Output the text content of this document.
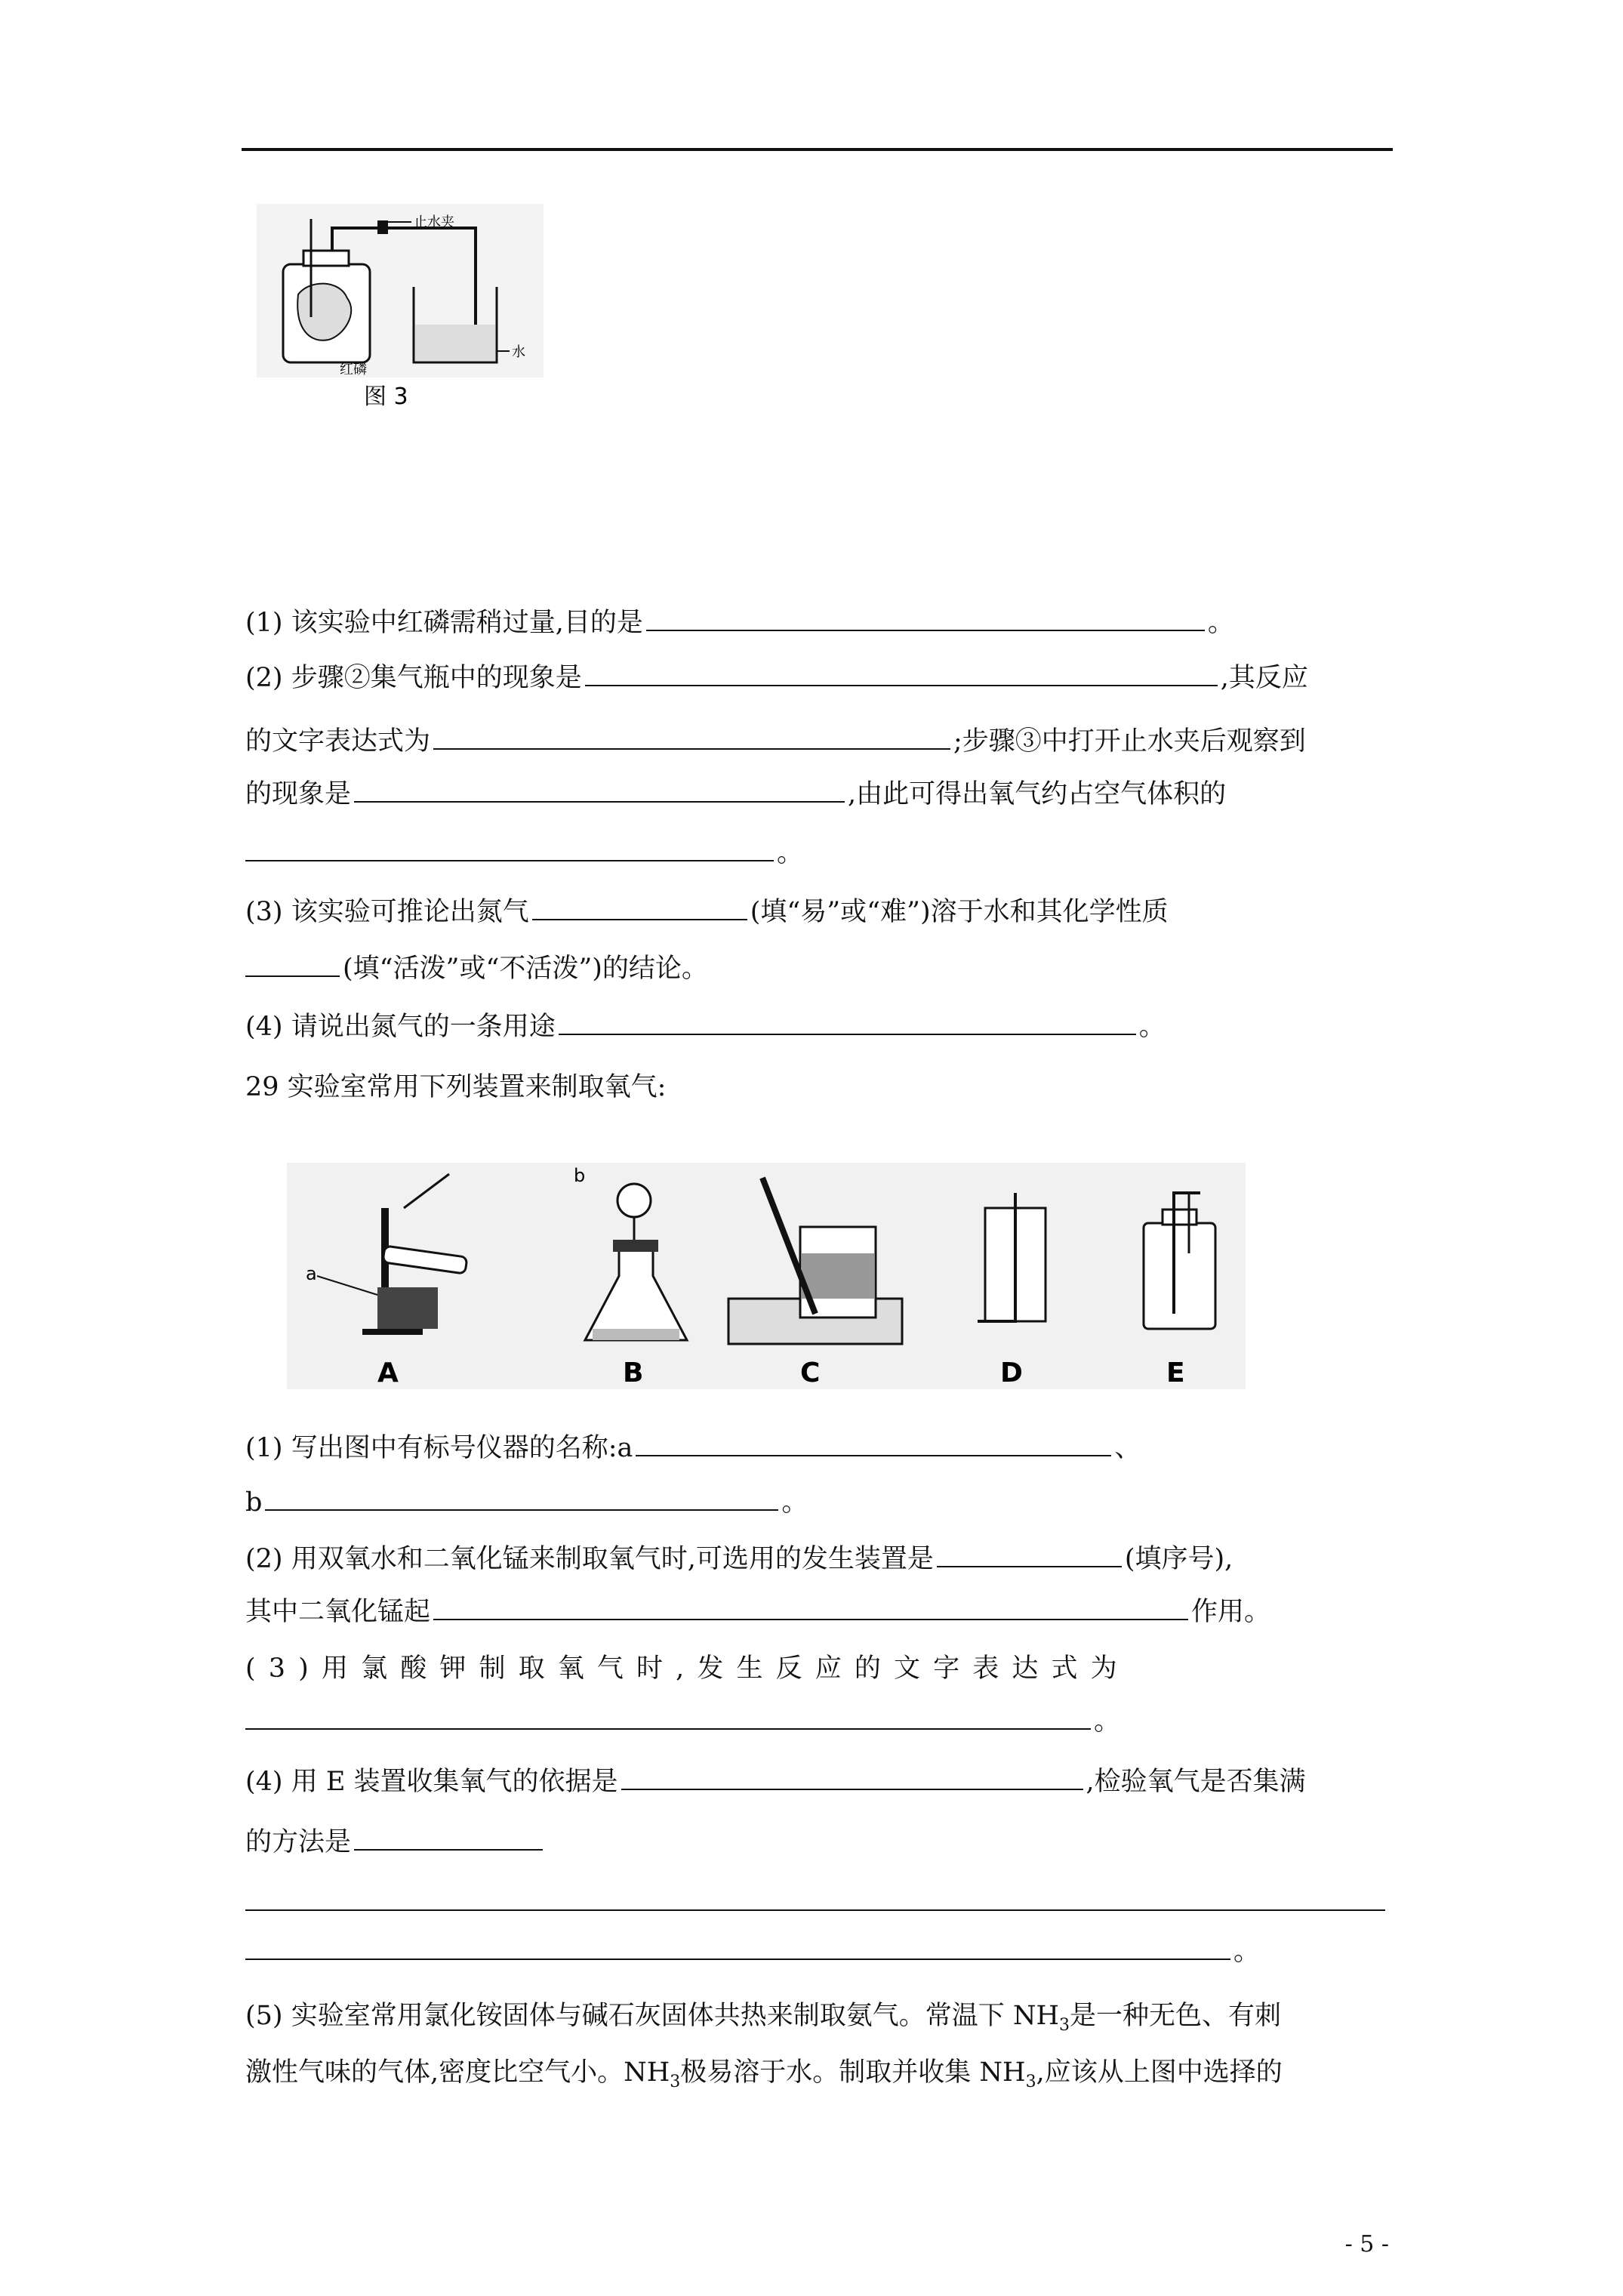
止水夹
水
红磷
图 3
(1) 该实验中红磷需稍过量,目的是	。
(2) 步骤②集气瓶中的现象是	,其反应
的文字表达式为	;步骤③中打开止水夹后观察到
的现象是	,由此可得出氧气约占空气体积的
。
(3) 该实验可推论出氮气	(填“易”或“难”)溶于水和其化学性质
(填“活泼”或“不活泼”)的结论。
(4) 请说出氮气的一条用途	。
29 实验室常用下列装置来制取氧气:
a
A
b
B	C	D	E
(1) 写出图中有标号仪器的名称:a	、
b	。
(2) 用双氧水和二氧化锰来制取氧气时,可选用的发生装置是	(填序号),
其中二氧化锰起	作用。
( 3 ) 用 氯 酸 钾 制 取 氧 气 时 , 发 生 反 应 的 文 字 表 达 式 为
。
(4) 用 E 装置收集氧气的依据是	,检验氧气是否集满
的方法是
。
(5) 实验室常用氯化铵固体与碱石灰固体共热来制取氨气。常温下 $NH_3$是一种无色、有刺
激性气味的气体,密度比空气小。$NH_3$极易溶于水。制取并收集 $NH_3$,应该从上图中选择的
- 5 -
